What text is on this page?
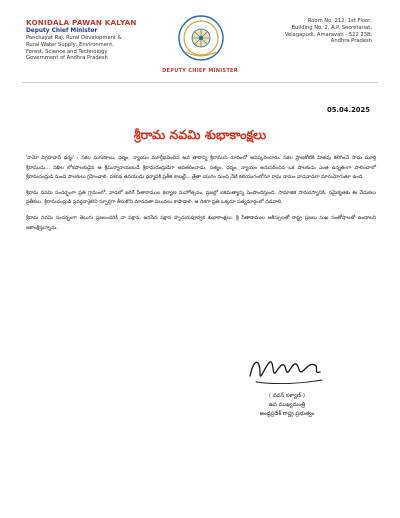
KONIDALA PAWAN KALYAN
Deputy Chief Minister
Panchayat Raj, Rural Development &
Rural Water Supply; Environment,
Forest, Science and Technology
Government of Andhra Pradesh
DEPUTY CHIEF MINISTER
Room No. 212, 1st Floor,
Building No. 2, A.P. Secretariat,
Velagapudi, Amaravati - 522 238,
Andhra Pradesh
05.04.2025
శ్రీరామ నవమి శుభాకాంక్షలు

'రామో విగ్రహవాన్ ధర్మః' - సకల సుగుణాలు, ధర్మం, న్యాయం మూర్తీభవించిన అవ తారాన్ని శ్రీరాముని రూపంలో ఆవిష్కరించారు. సకల ప్రాణకోటికి హితవు కలిగించే సాధు మూర్తి శ్రీరాముడు... నిఖిల లోకపాలకుడైన ఆ శ్రీమన్నారాయణుడే శ్రీరామచంద్రుడిగా అవతరించాడు. సత్యం, ధర్మం, న్యాయం అనుసరించిన ఒక పాలకుడు ఎంత ఉన్నతంగా పాలించాలో శ్రీరామచంద్రుడి నుంచి పాలకులు గ్రహించాలి. దశరథ తనయుడు ధర్మానికి ప్రతీక కాబట్టే... త్రేతా యుగం నుంచి నేటి కలియుగంలోనూ రామ నామం వాడవాడలా మారుమోగుతూ ఉంది.

శ్రీరామ నవమి సందర్భంగా ప్రతి గ్రామంలో, వాడలో జరిగే సీతారాముల కల్యాణ మహోత్సవం, ప్రజల్లో ఐకమత్యాన్ని పెంపొందిస్తుంది. సామాజిక సామరస్యానికి, సమైక్యతకు ఈ వేడుకలు ప్రతీకలు. శ్రీరామచంద్రుడి ప్రవర్తనాశైలిని స్ఫూర్తిగా తీసుకొని మానవతా విలువలు కాపాడాలి. ఆ దిశగా ప్రతి ఒక్కరూ సత్యమార్గంలో నడవాలి.

శ్రీరామ నవమి సందర్భంగా తెలుగు ప్రజలందరికీ నా పక్షాన, జనసేన పక్షాన హృదయపూర్వక శుభాకాంక్షలు. శ్రీ సీతారాముల ఆశీస్సులతో రాష్ట్ర ప్రజలు సుఖ సంతోషాలతో ఉండాలని ఆకాంక్షిస్తున్నాను.

( పవన్ కళ్యాణ్ )
ఉప ముఖ్యమంత్రి
ఆంధ్రప్రదేశ్ రాష్ట్ర ప్రభుత్వం
